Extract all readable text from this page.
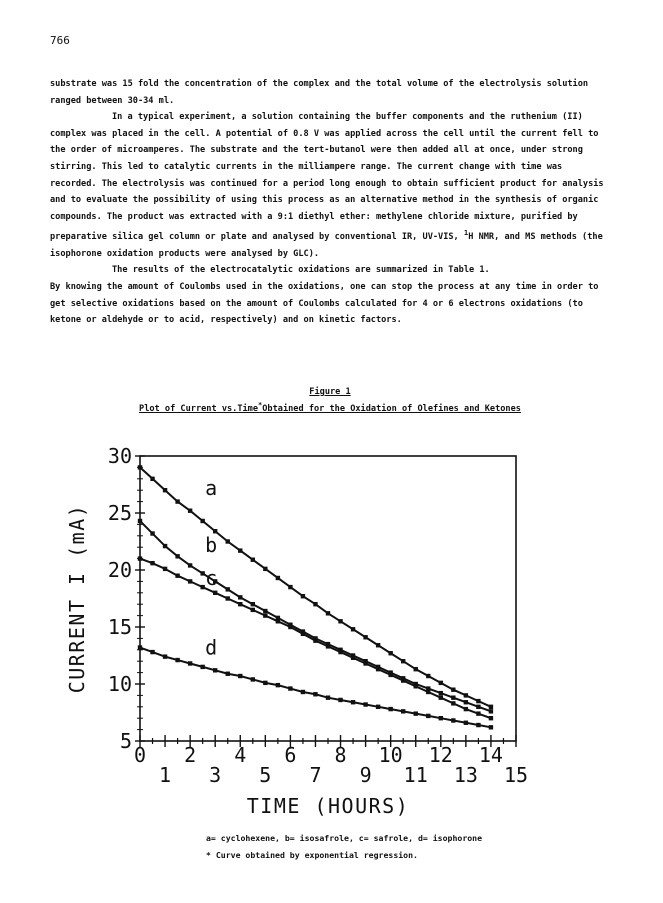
766

substrate was 15 fold the concentration of the complex and the total volume of the electrolysis solution ranged between 30-34 ml.

In a typical experiment, a solution containing the buffer components and the ruthenium (II) complex was placed in the cell. A potential of 0.8 V was applied across the cell until the current fell to the order of microamperes. The substrate and the tert-butanol were then added all at once, under strong stirring. This led to catalytic currents in the milliampere range. The current change with time was recorded. The electrolysis was continued for a period long enough to obtain sufficient product for analysis and to evaluate the possibility of using this process as an alternative method in the synthesis of organic compounds. The product was extracted with a 9:1 diethyl ether: methylene chloride mixture, purified by preparative silica gel column or plate and analysed by conventional IR, UV-VIS, $^1$H NMR, and MS methods (the isophorone oxidation products were analysed by GLC).

The results of the electrocatalytic oxidations are summarized in Table 1.

By knowing the amount of Coulombs used in the oxidations, one can stop the process at any time in order to get selective oxidations based on the amount of Coulombs calculated for 4 or 6 electrons oxidations (to ketone or aldehyde or to acid, respectively) and on kinetic factors.

Figure 1
Plot of Current vs.Time*Obtained for the Oxidation of Olefines and Ketones
0
1
2
3
4
5
6
7
8
9
10
11
12
13
14
15
5
10
15
20
25
30
TIME (HOURS)
CURRENT I (mA)
a
b
c
d
a= cyclohexene, b= isosafrole, c= safrole, d= isophorone
* Curve obtained by exponential regression.
